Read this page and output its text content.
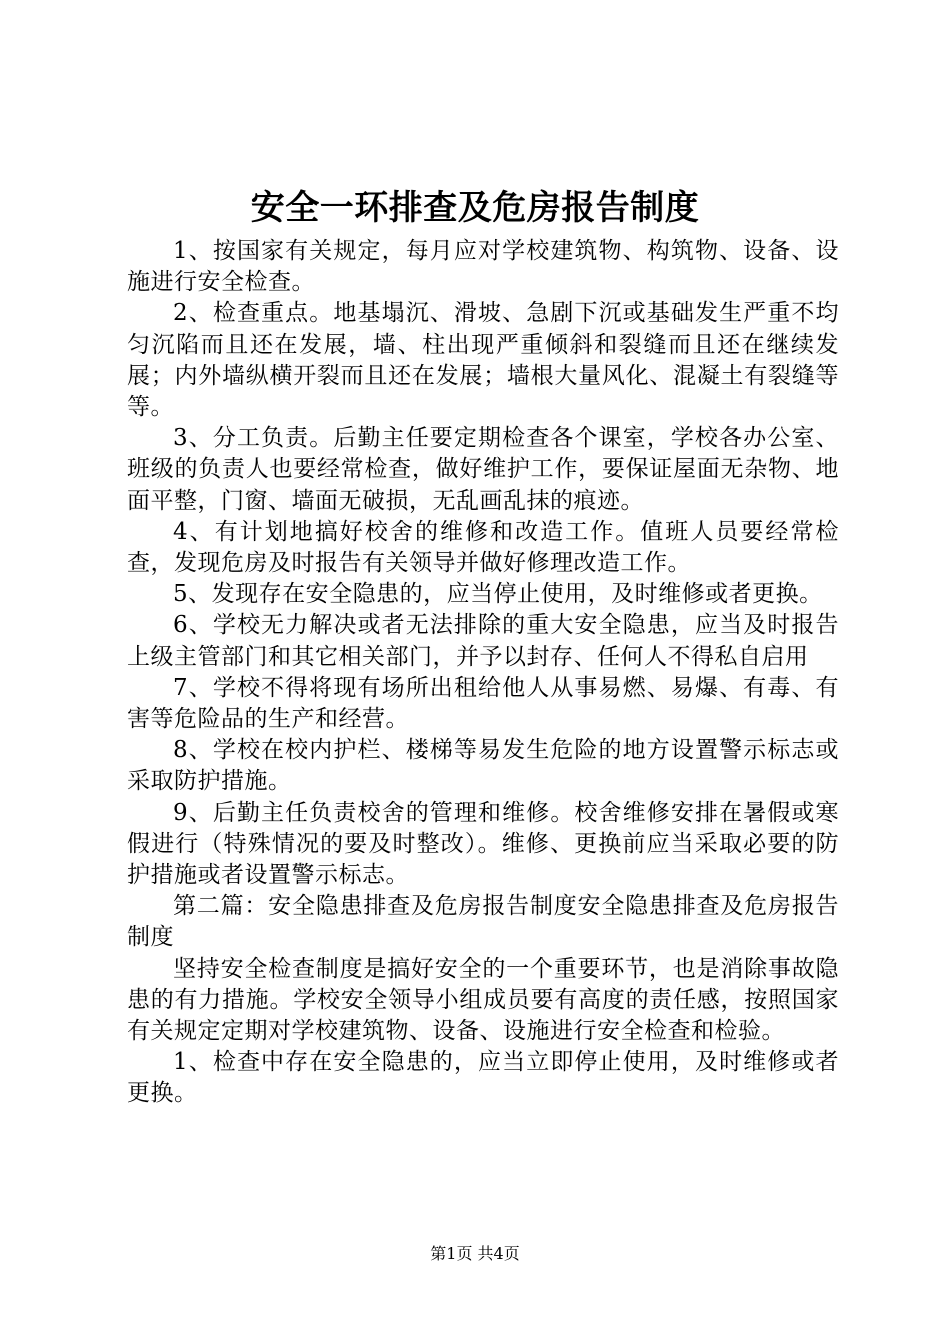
安全一环排查及危房报告制度

1、按国家有关规定，每月应对学校建筑物、构筑物、设备、设施进行安全检查。

2、检查重点。地基塌沉、滑坡、急剧下沉或基础发生严重不均匀沉陷而且还在发展，墙、柱出现严重倾斜和裂缝而且还在继续发展；内外墙纵横开裂而且还在发展；墙根大量风化、混凝土有裂缝等等。

3、分工负责。后勤主任要定期检查各个课室，学校各办公室、班级的负责人也要经常检查，做好维护工作，要保证屋面无杂物、地面平整，门窗、墙面无破损，无乱画乱抹的痕迹。

4、有计划地搞好校舍的维修和改造工作。值班人员要经常检查，发现危房及时报告有关领导并做好修理改造工作。

5、发现存在安全隐患的，应当停止使用，及时维修或者更换。

6、学校无力解决或者无法排除的重大安全隐患，应当及时报告上级主管部门和其它相关部门，并予以封存、任何人不得私自启用

7、学校不得将现有场所出租给他人从事易燃、易爆、有毒、有害等危险品的生产和经营。

8、学校在校内护栏、楼梯等易发生危险的地方设置警示标志或采取防护措施。

9、后勤主任负责校舍的管理和维修。校舍维修安排在暑假或寒假进行（特殊情况的要及时整改）。维修、更换前应当采取必要的防护措施或者设置警示标志。

第二篇：安全隐患排查及危房报告制度安全隐患排查及危房报告制度

坚持安全检查制度是搞好安全的一个重要环节，也是消除事故隐患的有力措施。学校安全领导小组成员要有高度的责任感，按照国家有关规定定期对学校建筑物、设备、设施进行安全检查和检验。

1、检查中存在安全隐患的，应当立即停止使用，及时维修或者更换。

第1页 共4页
